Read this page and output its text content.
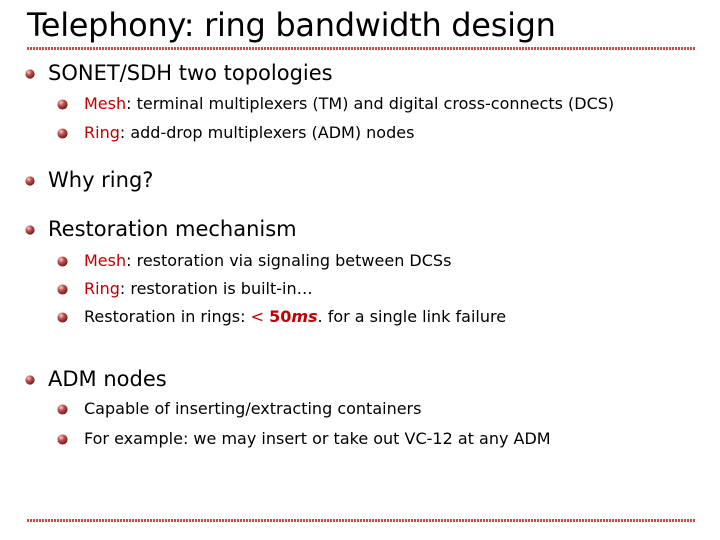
Telephony: ring bandwidth design
SONET/SDH two topologies
Mesh: terminal multiplexers (TM) and digital cross-connects (DCS)
Ring: add-drop multiplexers (ADM) nodes
Why ring?
Restoration mechanism
Mesh: restoration via signaling between DCSs
Ring: restoration is built-in…
Restoration in rings: < 50ms. for a single link failure
ADM nodes
Capable of inserting/extracting containers
For example: we may insert or take out VC-12 at any ADM
